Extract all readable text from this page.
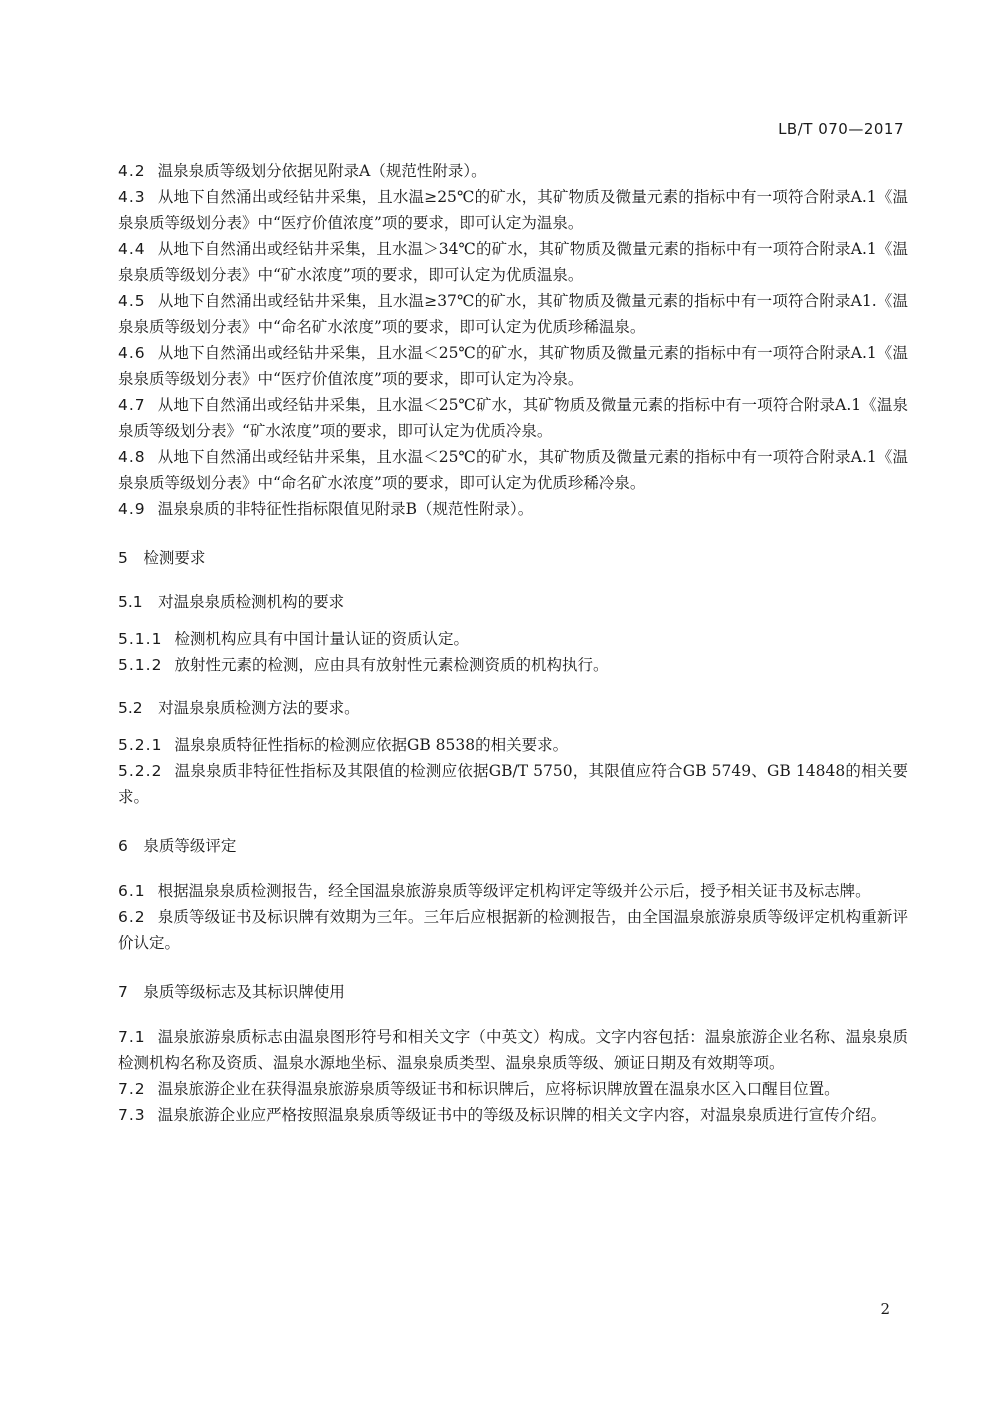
LB/T 070—2017

4.2 温泉泉质等级划分依据见附录A（规范性附录）。

4.3 从地下自然涌出或经钻井采集，且水温≥25℃的矿水，其矿物质及微量元素的指标中有一项符合附录A.1《温泉泉质等级划分表》中“医疗价值浓度”项的要求，即可认定为温泉。

4.4 从地下自然涌出或经钻井采集，且水温＞34℃的矿水，其矿物质及微量元素的指标中有一项符合附录A.1《温泉泉质等级划分表》中“矿水浓度”项的要求，即可认定为优质温泉。

4.5 从地下自然涌出或经钻井采集，且水温≥37℃的矿水，其矿物质及微量元素的指标中有一项符合附录A1.《温泉泉质等级划分表》中“命名矿水浓度”项的要求，即可认定为优质珍稀温泉。

4.6 从地下自然涌出或经钻井采集，且水温＜25℃的矿水，其矿物质及微量元素的指标中有一项符合附录A.1《温泉泉质等级划分表》中“医疗价值浓度”项的要求，即可认定为冷泉。

4.7 从地下自然涌出或经钻井采集，且水温＜25℃矿水，其矿物质及微量元素的指标中有一项符合附录A.1《温泉泉质等级划分表》“矿水浓度”项的要求，即可认定为优质冷泉。

4.8 从地下自然涌出或经钻井采集，且水温＜25℃的矿水，其矿物质及微量元素的指标中有一项符合附录A.1《温泉泉质等级划分表》中“命名矿水浓度”项的要求，即可认定为优质珍稀冷泉。

4.9 温泉泉质的非特征性指标限值见附录B（规范性附录）。

5　检测要求
5.1　对温泉泉质检测机构的要求

5.1.1 检测机构应具有中国计量认证的资质认定。

5.1.2 放射性元素的检测，应由具有放射性元素检测资质的机构执行。

5.2　对温泉泉质检测方法的要求。

5.2.1 温泉泉质特征性指标的检测应依据GB 8538的相关要求。

5.2.2 温泉泉质非特征性指标及其限值的检测应依据GB/T 5750，其限值应符合GB 5749、GB 14848的相关要求。

6　泉质等级评定

6.1 根据温泉泉质检测报告，经全国温泉旅游泉质等级评定机构评定等级并公示后，授予相关证书及标志牌。

6.2 泉质等级证书及标识牌有效期为三年。三年后应根据新的检测报告，由全国温泉旅游泉质等级评定机构重新评价认定。

7　泉质等级标志及其标识牌使用

7.1 温泉旅游泉质标志由温泉图形符号和相关文字（中英文）构成。文字内容包括：温泉旅游企业名称、温泉泉质检测机构名称及资质、温泉水源地坐标、温泉泉质类型、温泉泉质等级、颁证日期及有效期等项。

7.2 温泉旅游企业在获得温泉旅游泉质等级证书和标识牌后，应将标识牌放置在温泉水区入口醒目位置。

7.3 温泉旅游企业应严格按照温泉泉质等级证书中的等级及标识牌的相关文字内容，对温泉泉质进行宣传介绍。

2
